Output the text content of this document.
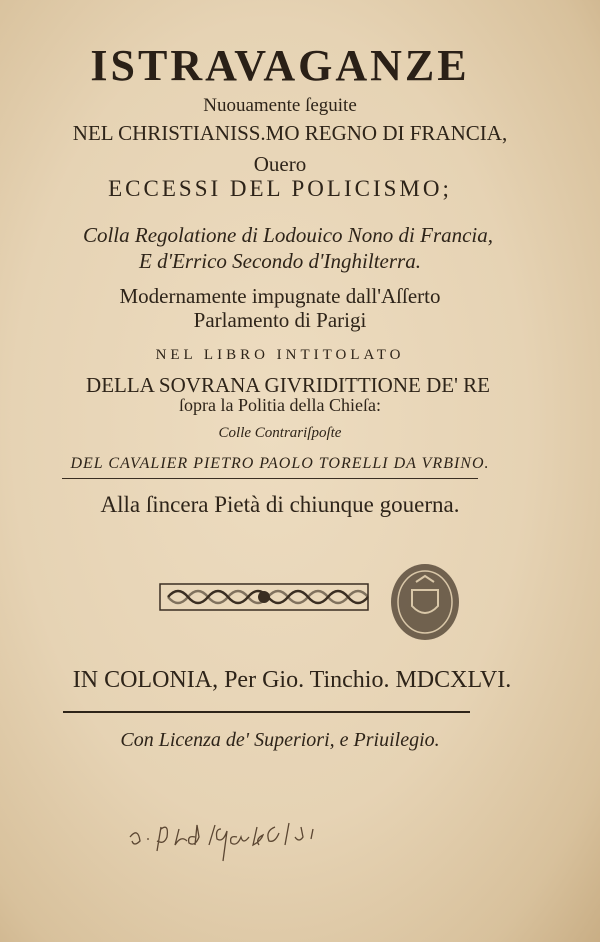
ISTRAVAGANZE
Nuouamente ſeguite
NEL CHRISTIANISS.MO REGNO DI FRANCIA,
Ouero
ECCESSI DEL POLICISMO;
Colla Regolatione di Lodouico Nono di Francia,
E d'Errico Secondo d'Inghilterra.
Modernamente impugnate dall'Aſſerto
Parlamento di Parigi
NEL LIBRO INTITOLATO
DELLA SOVRANA GIVRIDITTIONE DE' RE
ſopra la Politia della Chieſa:
Colle Contrariſpoſte
DEL CAVALIER PIETRO PAOLO TORELLI DA VRBINO.
Alla ſincera Pietà di chiunque gouerna.
IN COLONIA, Per Gio. Tinchio. MDCXLVI.
Con Licenza de' Superiori, e Priuilegio.
